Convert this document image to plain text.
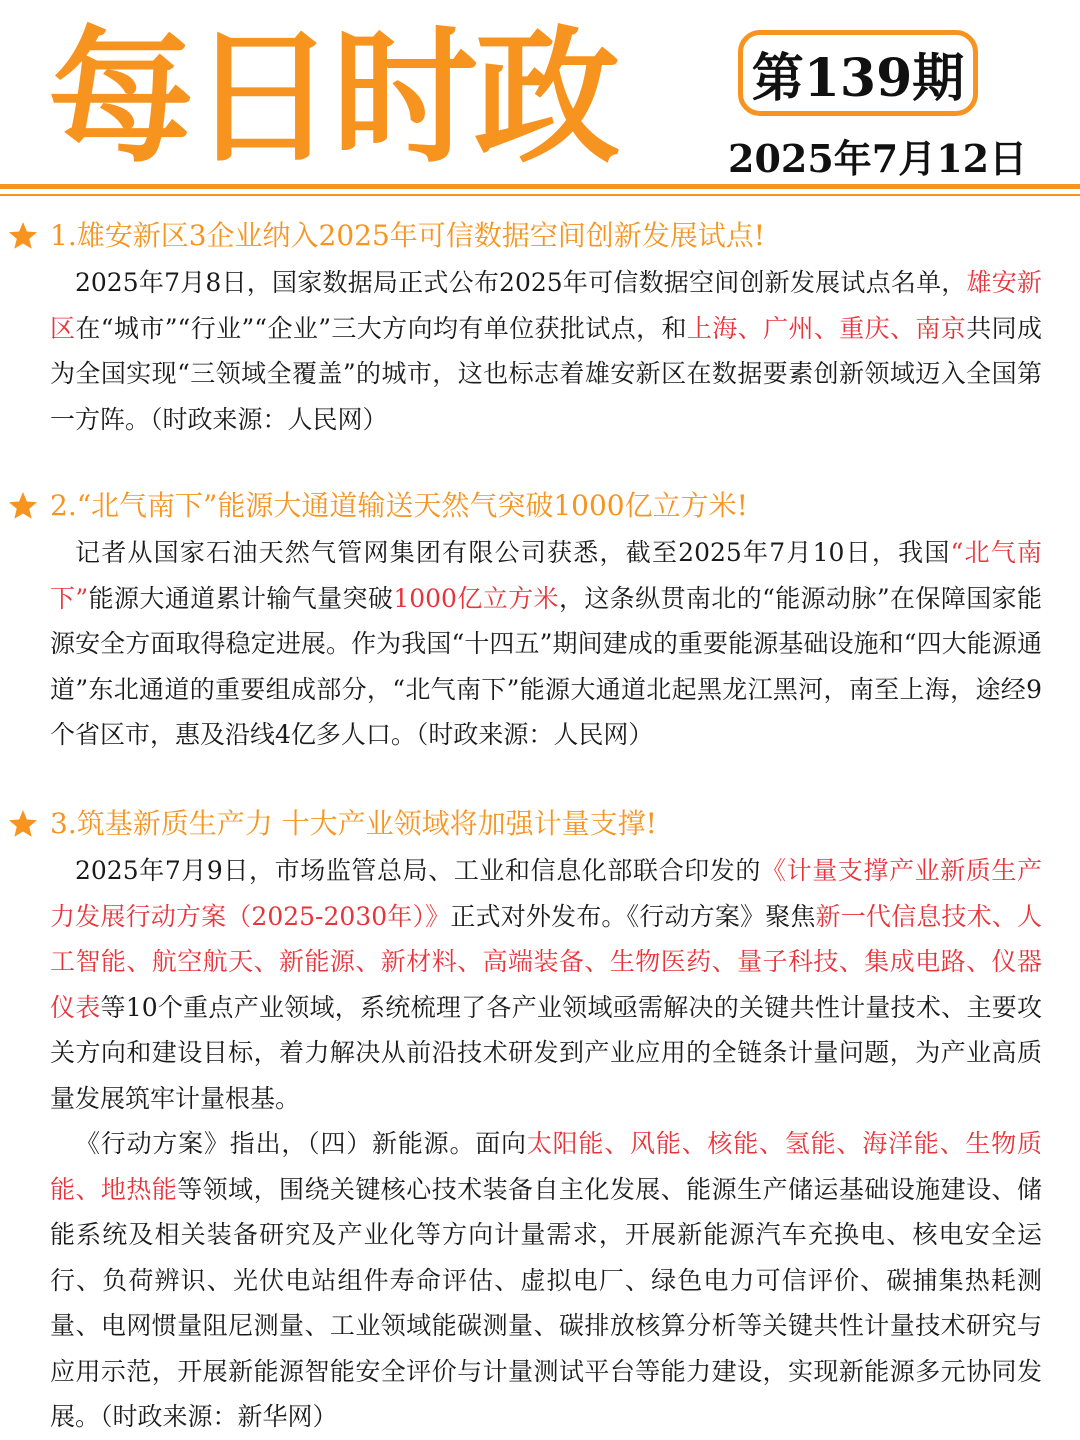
每日时政	第139期
2025年7月12日
1.雄安新区3企业纳入2025年可信数据空间创新发展试点!

2025年7月8日，国家数据局正式公布2025年可信数据空间创新发展试点名单，雄安新区在“城市”“行业”“企业”三大方向均有单位获批试点，和上海、广州、重庆、南京共同成为全国实现“三领域全覆盖”的城市，这也标志着雄安新区在数据要素创新领域迈入全国第一方阵。（时政来源：人民网）

2.“北气南下”能源大通道输送天然气突破1000亿立方米!

记者从国家石油天然气管网集团有限公司获悉，截至2025年7月10日，我国“北气南下”能源大通道累计输气量突破1000亿立方米，这条纵贯南北的“能源动脉”在保障国家能源安全方面取得稳定进展。作为我国“十四五”期间建成的重要能源基础设施和“四大能源通道”东北通道的重要组成部分，“北气南下”能源大通道北起黑龙江黑河，南至上海，途经9个省区市，惠及沿线4亿多人口。（时政来源：人民网）

3.筑基新质生产力 十大产业领域将加强计量支撑!

2025年7月9日，市场监管总局、工业和信息化部联合印发的《计量支撑产业新质生产力发展行动方案（2025-2030年）》正式对外发布。《行动方案》聚焦新一代信息技术、人工智能、航空航天、新能源、新材料、高端装备、生物医药、量子科技、集成电路、仪器仪表等10个重点产业领域，系统梳理了各产业领域亟需解决的关键共性计量技术、主要攻关方向和建设目标，着力解决从前沿技术研发到产业应用的全链条计量问题，为产业高质量发展筑牢计量根基。

《行动方案》指出，（四）新能源。面向太阳能、风能、核能、氢能、海洋能、生物质能、地热能等领域，围绕关键核心技术装备自主化发展、能源生产储运基础设施建设、储能系统及相关装备研究及产业化等方向计量需求，开展新能源汽车充换电、核电安全运行、负荷辨识、光伏电站组件寿命评估、虚拟电厂、绿色电力可信评价、碳捕集热耗测量、电网惯量阻尼测量、工业领域能碳测量、碳排放核算分析等关键共性计量技术研究与应用示范，开展新能源智能安全评价与计量测试平台等能力建设，实现新能源多元协同发展。（时政来源：新华网）
